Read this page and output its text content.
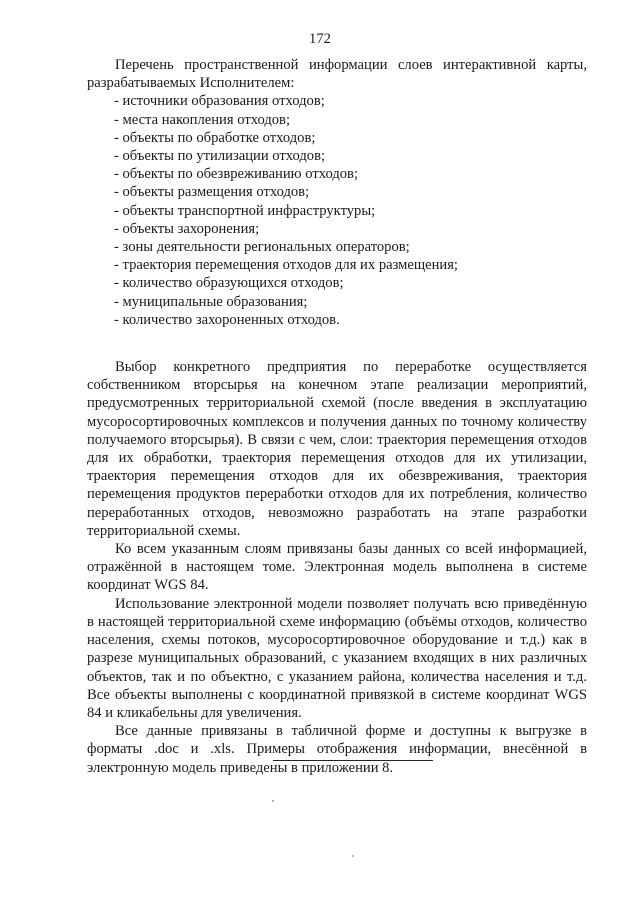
172

Перечень пространственной информации слоев интерактивной карты, разрабатываемых Исполнителем:

- источники образования отходов;
- места накопления отходов;
- объекты по обработке отходов;
- объекты по утилизации отходов;
- объекты по обезвреживанию отходов;
- объекты размещения отходов;
- объекты транспортной инфраструктуры;
- объекты захоронения;
- зоны деятельности региональных операторов;
- траектория перемещения отходов для их размещения;
- количество образующихся отходов;
- муниципальные образования;
- количество захороненных отходов.

Выбор конкретного предприятия по переработке осуществляется собственником вторсырья на конечном этапе реализации мероприятий, предусмотренных территориальной схемой (после введения в эксплуатацию мусоросортировочных комплексов и получения данных по точному количеству получаемого вторсырья). В связи с чем, слои: траектория перемещения отходов для их обработки, траектория перемещения отходов для их утилизации, траектория перемещения отходов для их обезвреживания, траектория перемещения продуктов переработки отходов для их потребления, количество переработанных отходов, невозможно разработать на этапе разработки территориальной схемы.

Ко всем указанным слоям привязаны базы данных со всей информацией, отражённой в настоящем томе. Электронная модель выполнена в системе координат WGS 84.

Использование электронной модели позволяет получать всю приведённую в настоящей территориальной схеме информацию (объёмы отходов, количество населения, схемы потоков, мусоросортировочное оборудование и т.д.) как в разрезе муниципальных образований, с указанием входящих в них различных объектов, так и по объектно, с указанием района, количества населения и т.д. Все объекты выполнены с координатной привязкой в системе координат WGS 84 и кликабельны для увеличения.

Все данные привязаны в табличной форме и доступны к выгрузке в форматы .doc и .xls. Примеры отображения информации, внесённой в электронную модель приведены в приложении 8.
